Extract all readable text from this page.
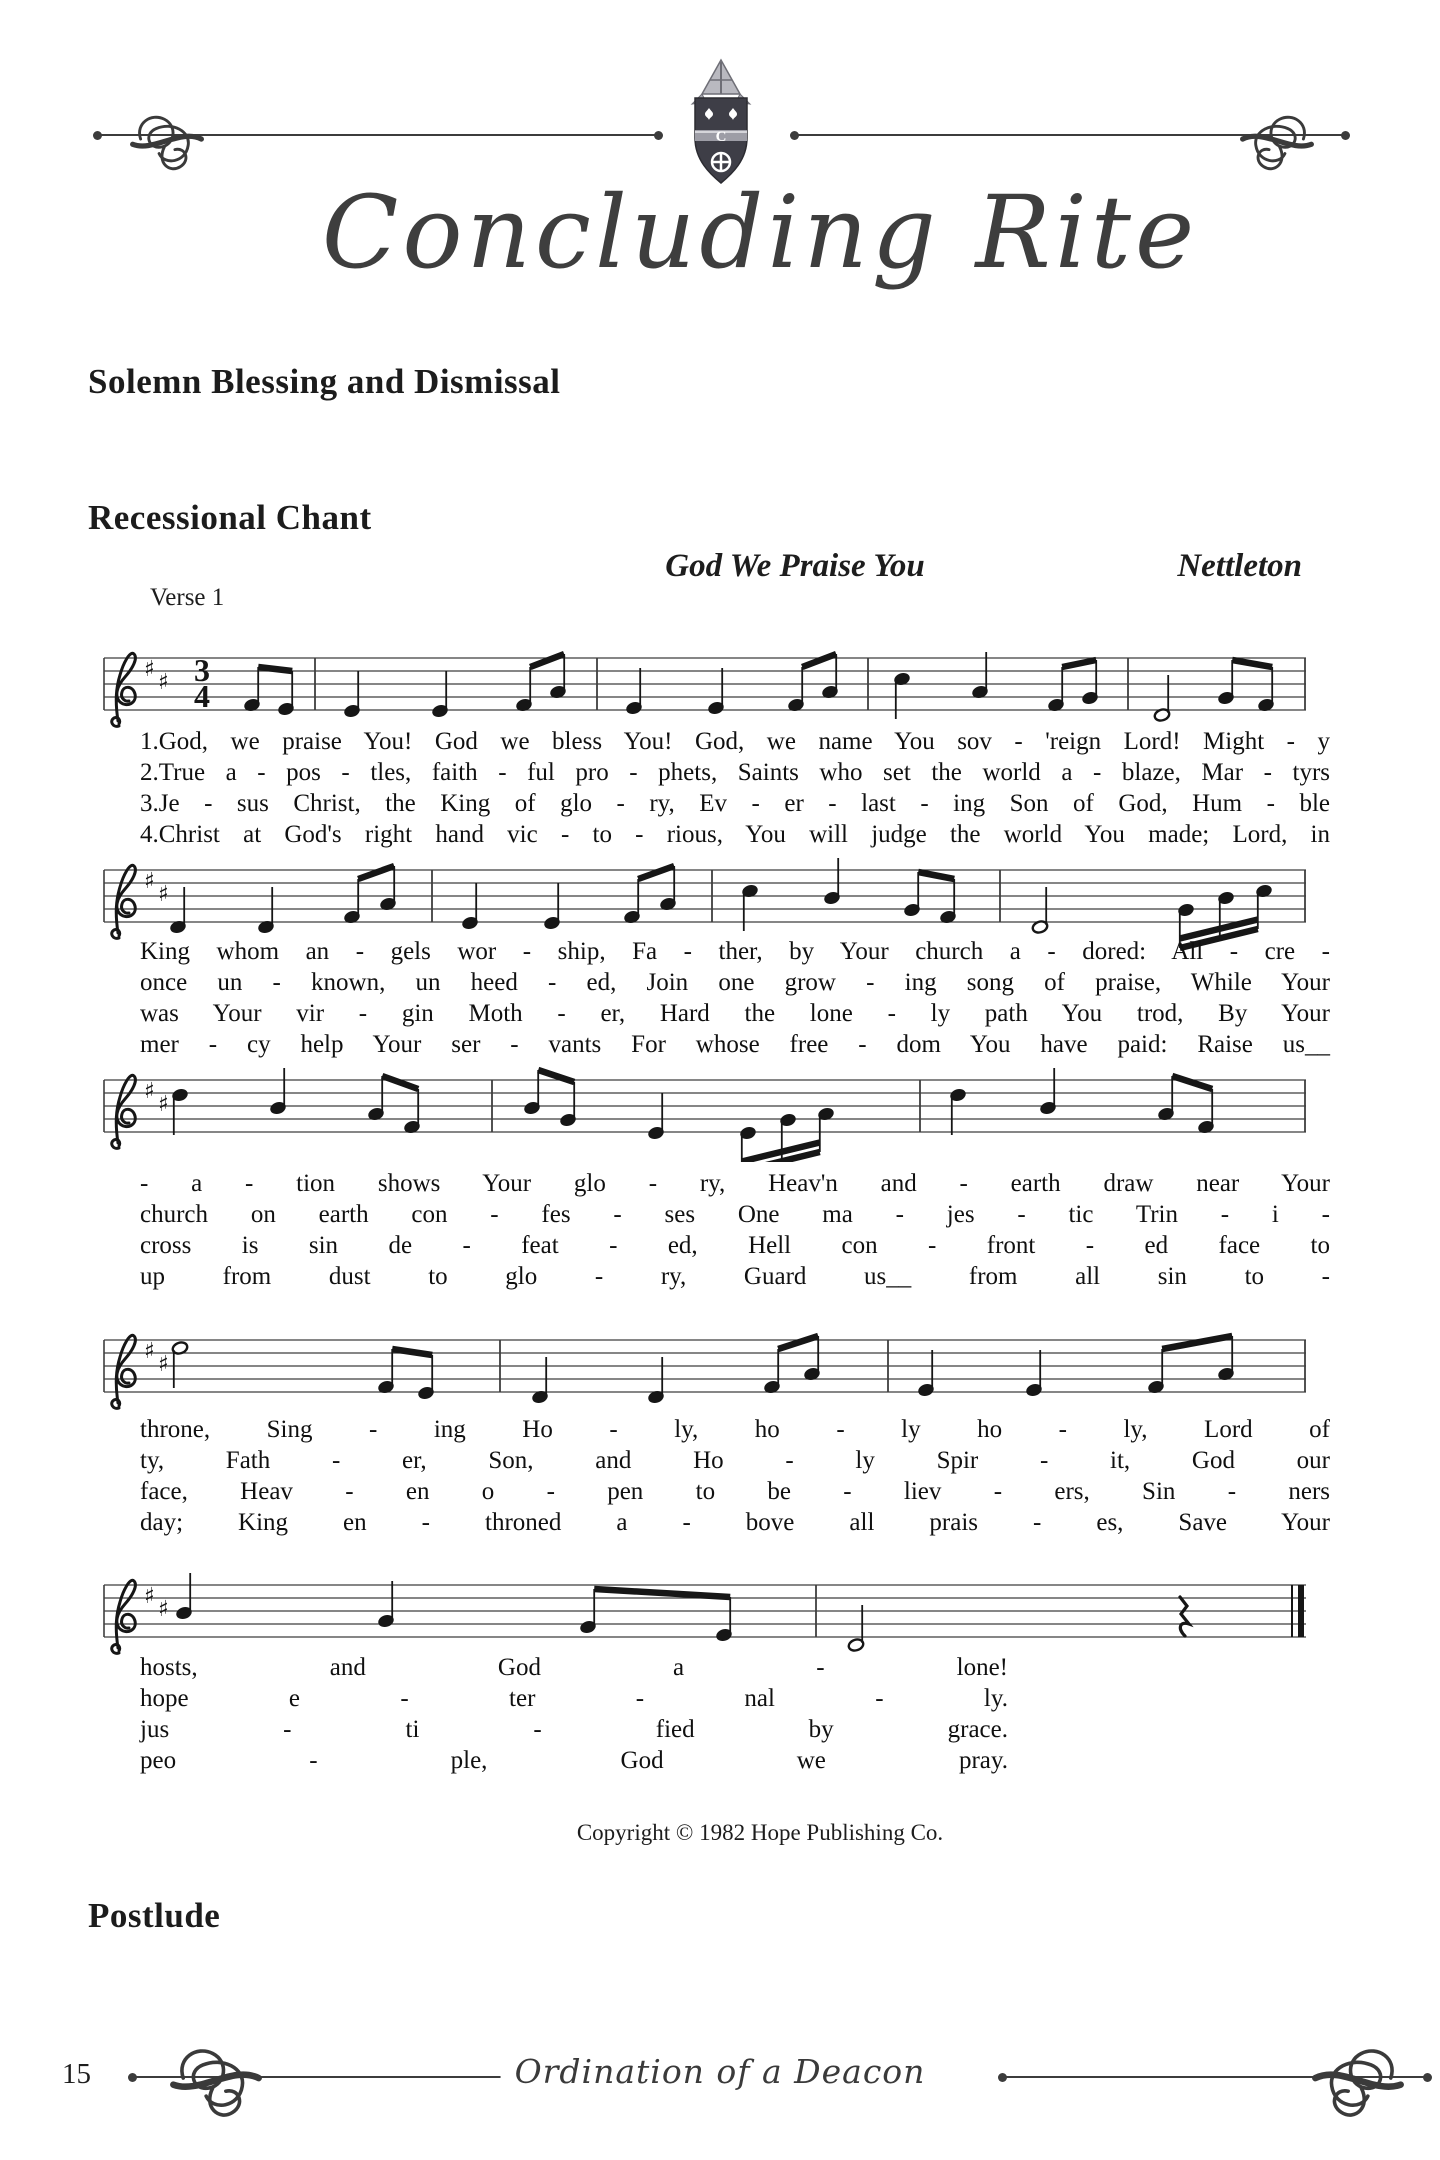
C
Concluding Rite
Solemn Blessing and Dismissal
Recessional Chant
God We Praise You	Nettleton
Verse 1
♯
♯ 3
4
1.God, we praise You! God we bless You! God, we name You sov - 'reign Lord! Might - y
2.True a - pos - tles, faith - ful pro - phets, Saints who set the world a - blaze, Mar - tyrs
3.Je - sus Christ, the King of glo - ry, Ev - er - last - ing Son of God, Hum - ble
4.Christ at God's right hand vic - to - rious, You will judge the world You made; Lord, in
♯
♯
King whom an - gels wor - ship, Fa - ther, by Your church a - dored: All - cre -
once un - known, un heed - ed, Join one grow - ing song of praise, While Your
was Your vir - gin Moth - er, Hard the lone - ly path You trod, By Your
mer - cy help Your ser - vants For whose free - dom You have paid: Raise us__
♯
♯
- a - tion shows Your glo - ry, Heav'n and - earth draw near Your
church on earth con - fes - ses One ma - jes - tic Trin - i -
cross is sin de - feat - ed, Hell con - front - ed face to
up from dust to glo - ry, Guard us__ from all sin to -
♯
♯
throne, Sing - ing Ho - ly, ho - ly ho - ly, Lord of
ty, Fath - er, Son, and Ho - ly Spir - it, God our
face, Heav - en o - pen to be - liev - ers, Sin - ners
day; King en - throned a - bove all prais - es, Save Your
♯
♯
hosts, and God a - lone!
hope e - ter - nal - ly.
jus - ti - fied by grace.
peo - ple, God we pray.
Copyright © 1982 Hope Publishing Co.
Postlude
15	Ordination of a Deacon
